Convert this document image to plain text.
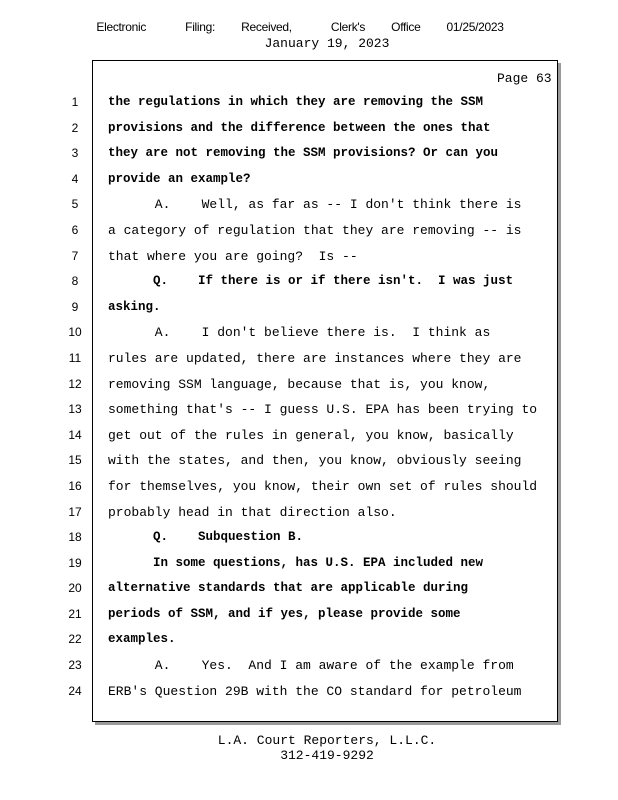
Electronic   Filing:  Received,   Clerk's  Office  01/25/2023
January 19, 2023
Page 63
1
2
3
4
5
6
7
8
9
10
11
12
13
14
15
16
17
18
19
20
21
22
23
24
the regulations in which they are removing the SSM
provisions and the difference between the ones that
they are not removing the SSM provisions? Or can you
provide an example?
A.    Well, as far as -- I don't think there is
a category of regulation that they are removing -- is
that where you are going?  Is --
Q.    If there is or if there isn't.  I was just
asking.
A.    I don't believe there is.  I think as
rules are updated, there are instances where they are
removing SSM language, because that is, you know,
something that's -- I guess U.S. EPA has been trying to
get out of the rules in general, you know, basically
with the states, and then, you know, obviously seeing
for themselves, you know, their own set of rules should
probably head in that direction also.
Q.    Subquestion B.
In some questions, has U.S. EPA included new
alternative standards that are applicable during
periods of SSM, and if yes, please provide some
examples.
A.    Yes.  And I am aware of the example from
ERB's Question 29B with the CO standard for petroleum
L.A. Court Reporters, L.L.C.
312-419-9292
